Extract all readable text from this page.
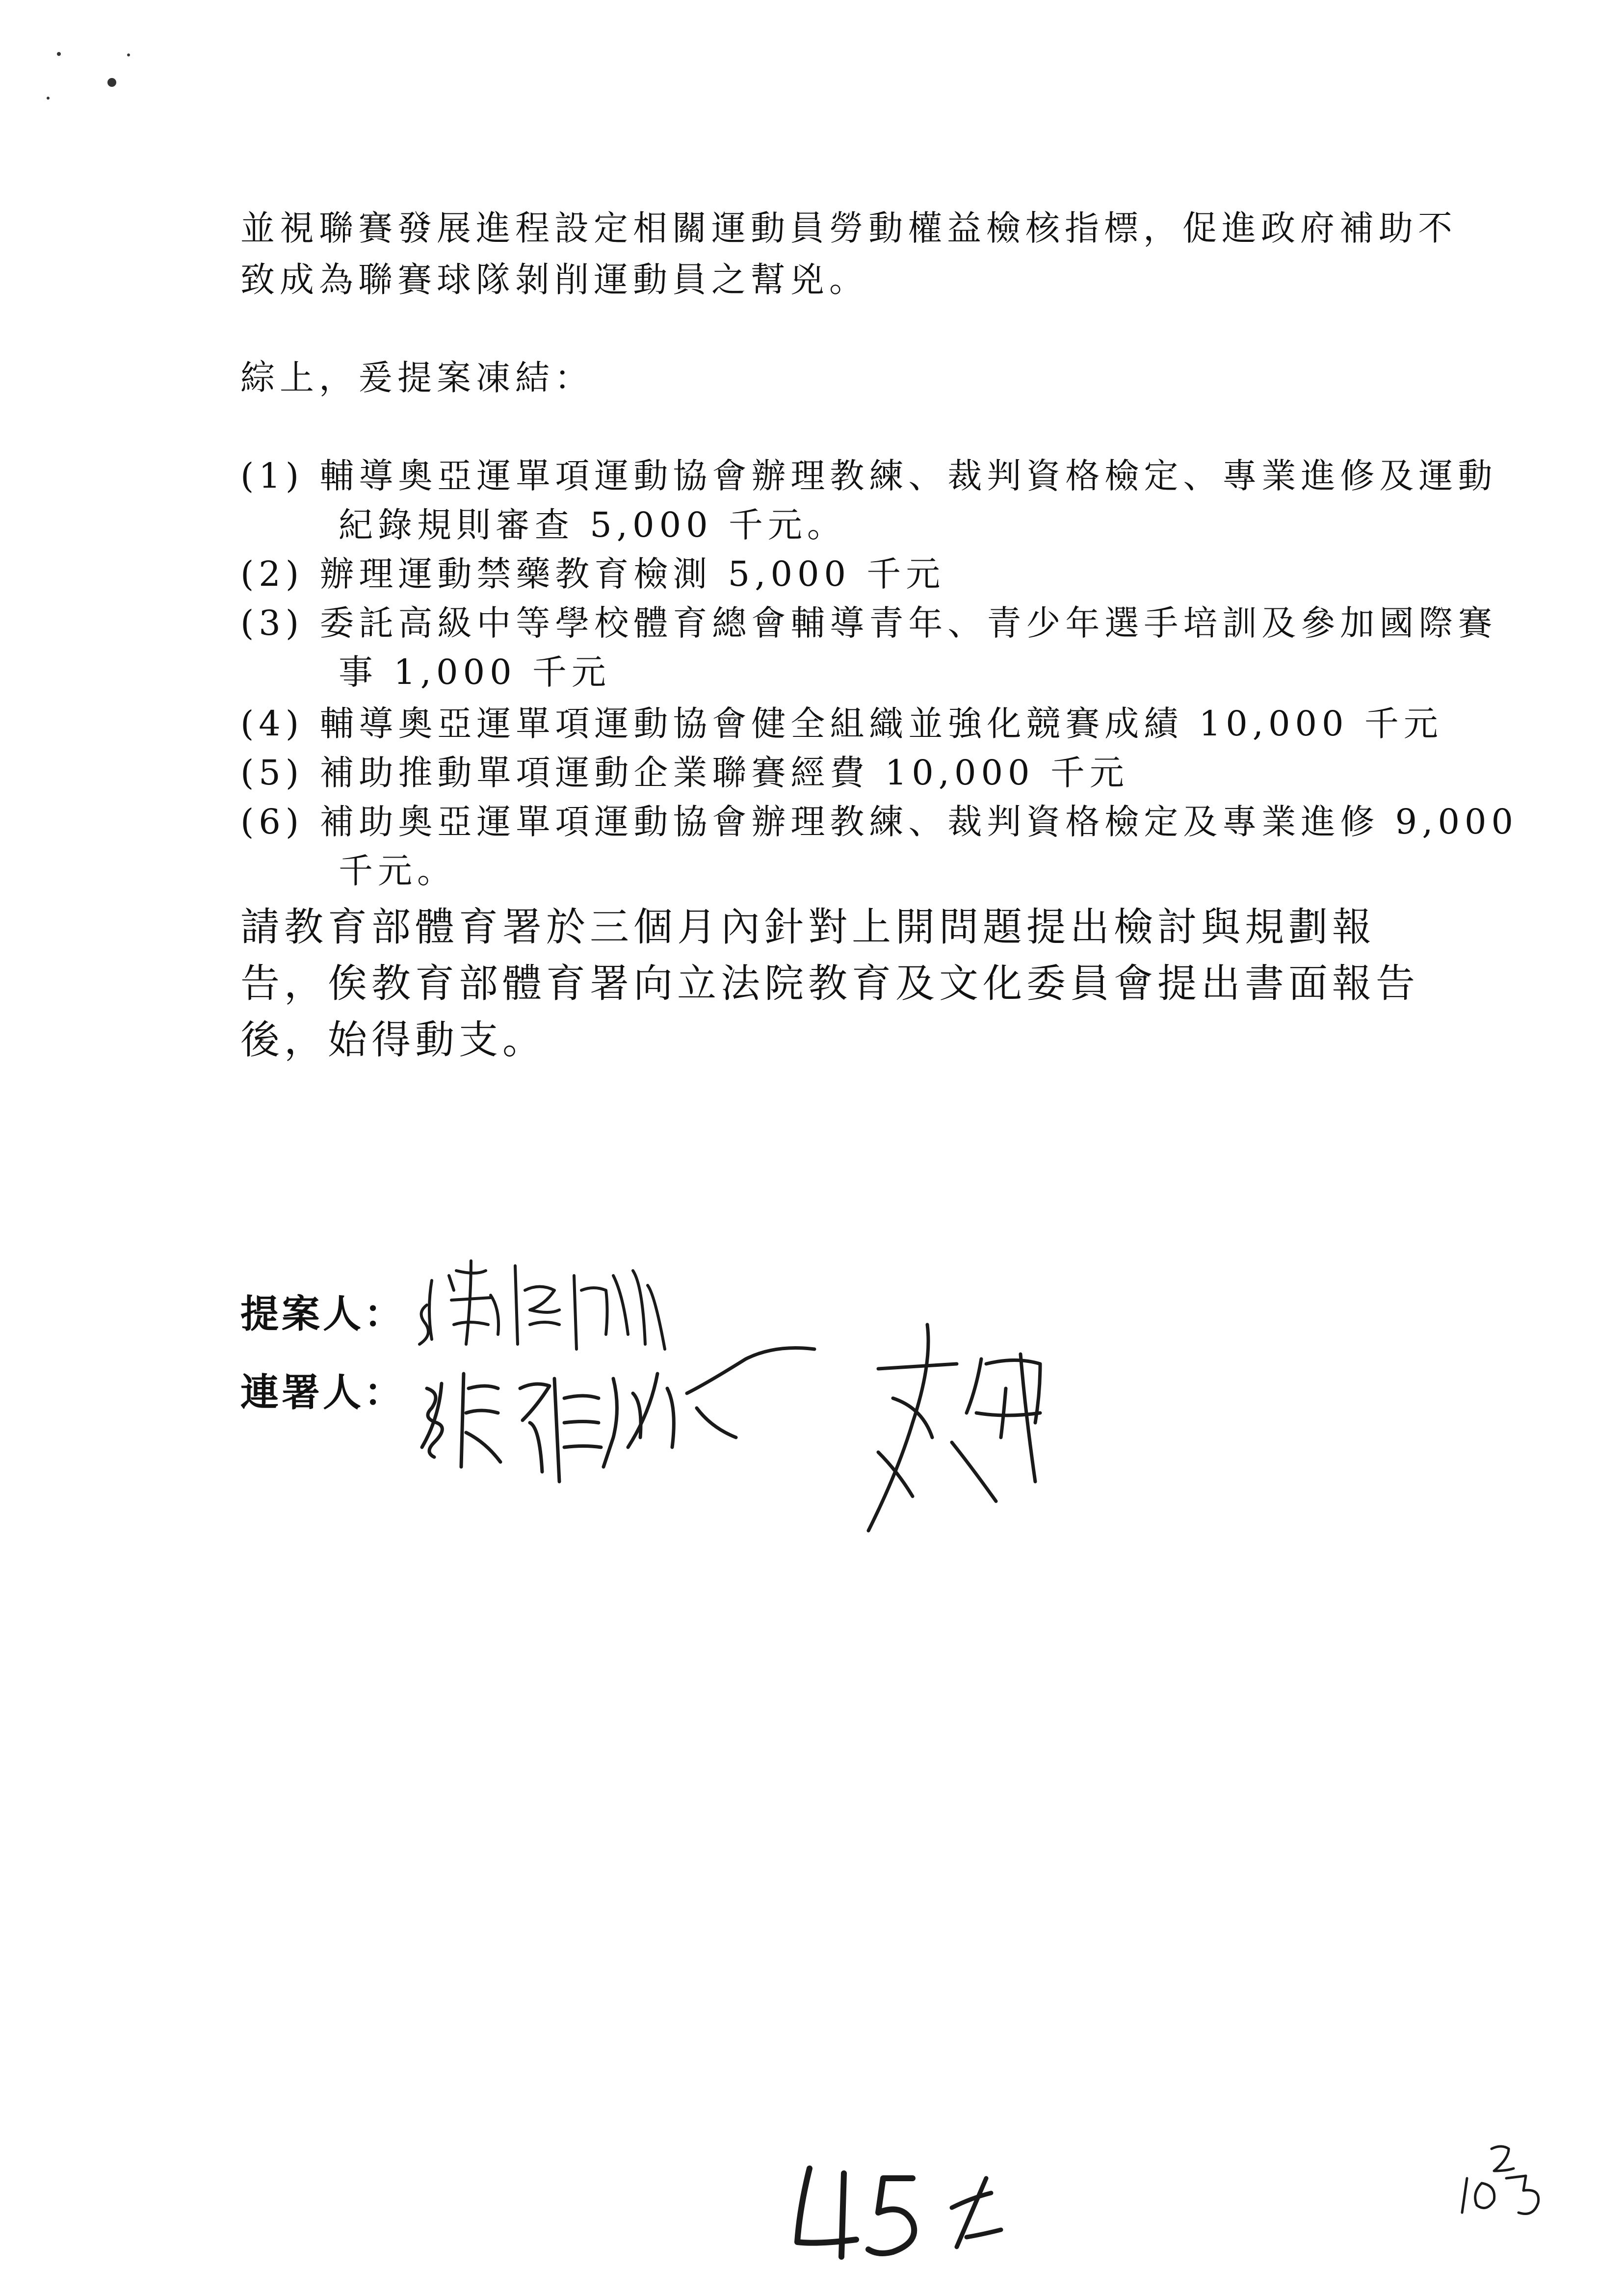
並視聯賽發展進程設定相關運動員勞動權益檢核指標，促進政府補助不
致成為聯賽球隊剝削運動員之幫兇。
綜上，爰提案凍結：
(1) 輔導奧亞運單項運動協會辦理教練、裁判資格檢定、專業進修及運動
紀錄規則審查 5,000 千元。
(2) 辦理運動禁藥教育檢測 5,000 千元
(3) 委託高級中等學校體育總會輔導青年、青少年選手培訓及參加國際賽
事 1,000 千元
(4) 輔導奧亞運單項運動協會健全組織並強化競賽成績 10,000 千元
(5) 補助推動單項運動企業聯賽經費 10,000 千元
(6) 補助奧亞運單項運動協會辦理教練、裁判資格檢定及專業進修 9,000
千元。
請教育部體育署於三個月內針對上開問題提出檢討與規劃報
告，俟教育部體育署向立法院教育及文化委員會提出書面報告
後，始得動支。
提案人：
連署人：
